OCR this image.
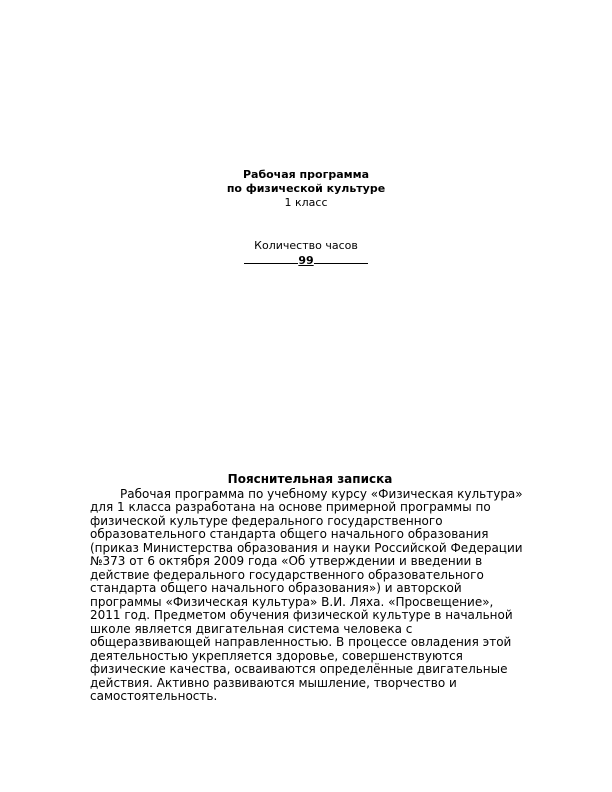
Рабочая программа
по физической культуре
1 класс
Количество часов
99
Пояснительная записка
Рабочая программа по учебному курсу «Физическая культура»
для 1 класса разработана на основе примерной программы по
физической культуре федерального государственного
образовательного стандарта общего начального образования
(приказ Министерства образования и науки Российской Федерации
№373 от 6 октября 2009 года «Об утверждении и введении в
действие федерального государственного образовательного
стандарта общего начального образования») и авторской
программы «Физическая культура» В.И. Ляха. «Просвещение»,
2011 год. Предметом обучения физической культуре в начальной
школе является двигательная система человека с
общеразвивающей направленностью. В процессе овладения этой
деятельностью укрепляется здоровье, совершенствуются
физические качества, осваиваются определённые двигательные
действия. Активно развиваются мышление, творчество и
самостоятельность.
